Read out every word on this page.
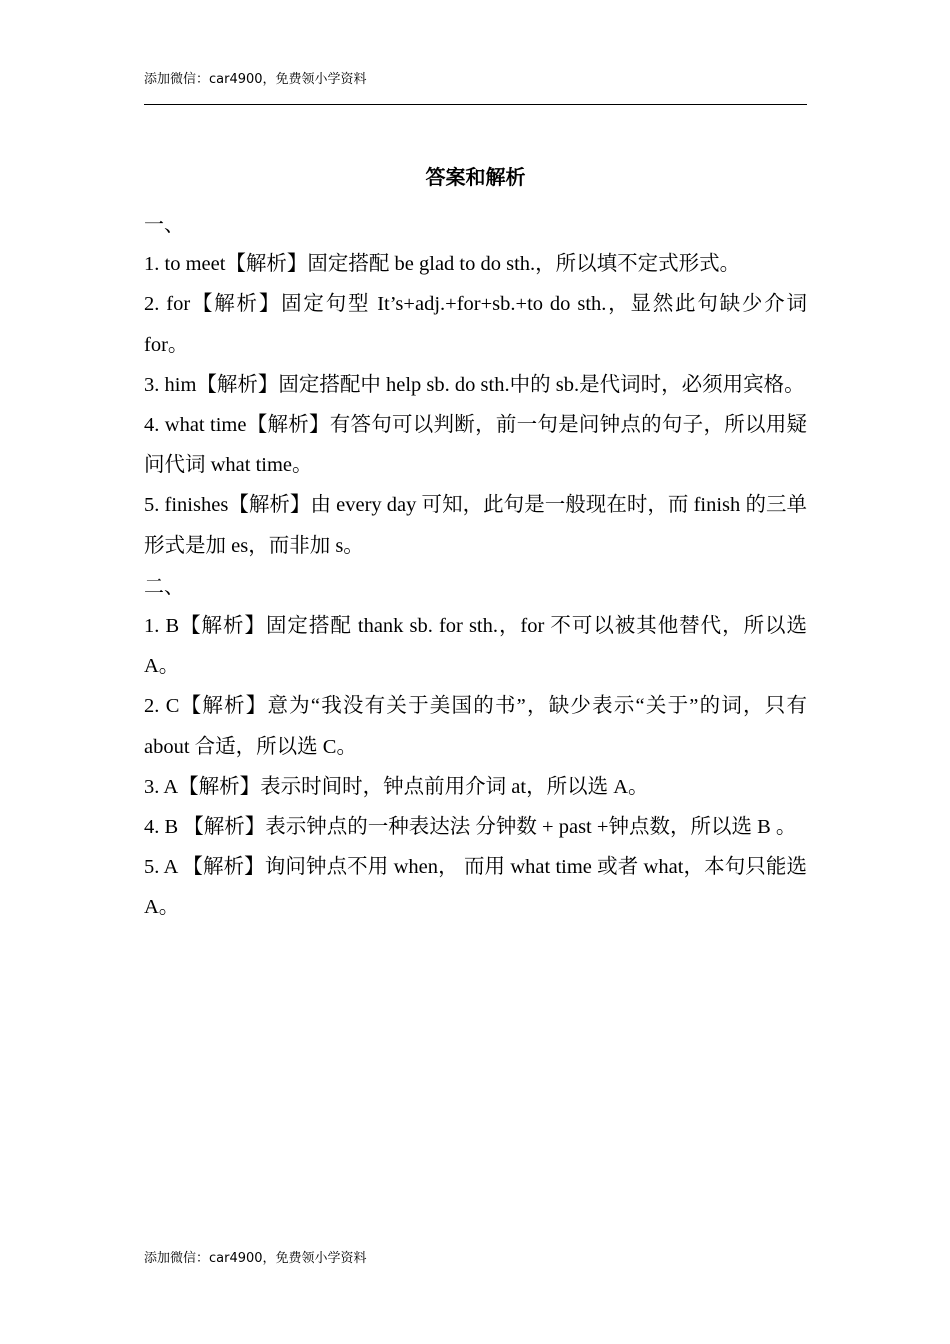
添加微信：car4900，免费领小学资料
答案和解析

一、

1. to meet【解析】固定搭配 be glad to do sth.，所以填不定式形式。

2. for【解析】固定句型 It’s+adj.+for+sb.+to do sth.，显然此句缺少介词 for。

3. him【解析】固定搭配中 help sb. do sth.中的 sb.是代词时，必须用宾格。

4. what time【解析】有答句可以判断，前一句是问钟点的句子，所以用疑问代词 what time。

5. finishes【解析】由 every day 可知，此句是一般现在时，而 finish 的三单形式是加 es，而非加 s。

二、

1. B【解析】固定搭配 thank sb. for sth.，for 不可以被其他替代，所以选 A。

2. C【解析】意为“我没有关于美国的书”，缺少表示“关于”的词，只有 about 合适，所以选 C。

3. A【解析】表示时间时，钟点前用介词 at，所以选 A。

4. B 【解析】表示钟点的一种表达法 分钟数 + past +钟点数，所以选 B 。

5. A 【解析】询问钟点不用 when， 而用 what time 或者 what，本句只能选 A。

添加微信：car4900，免费领小学资料
